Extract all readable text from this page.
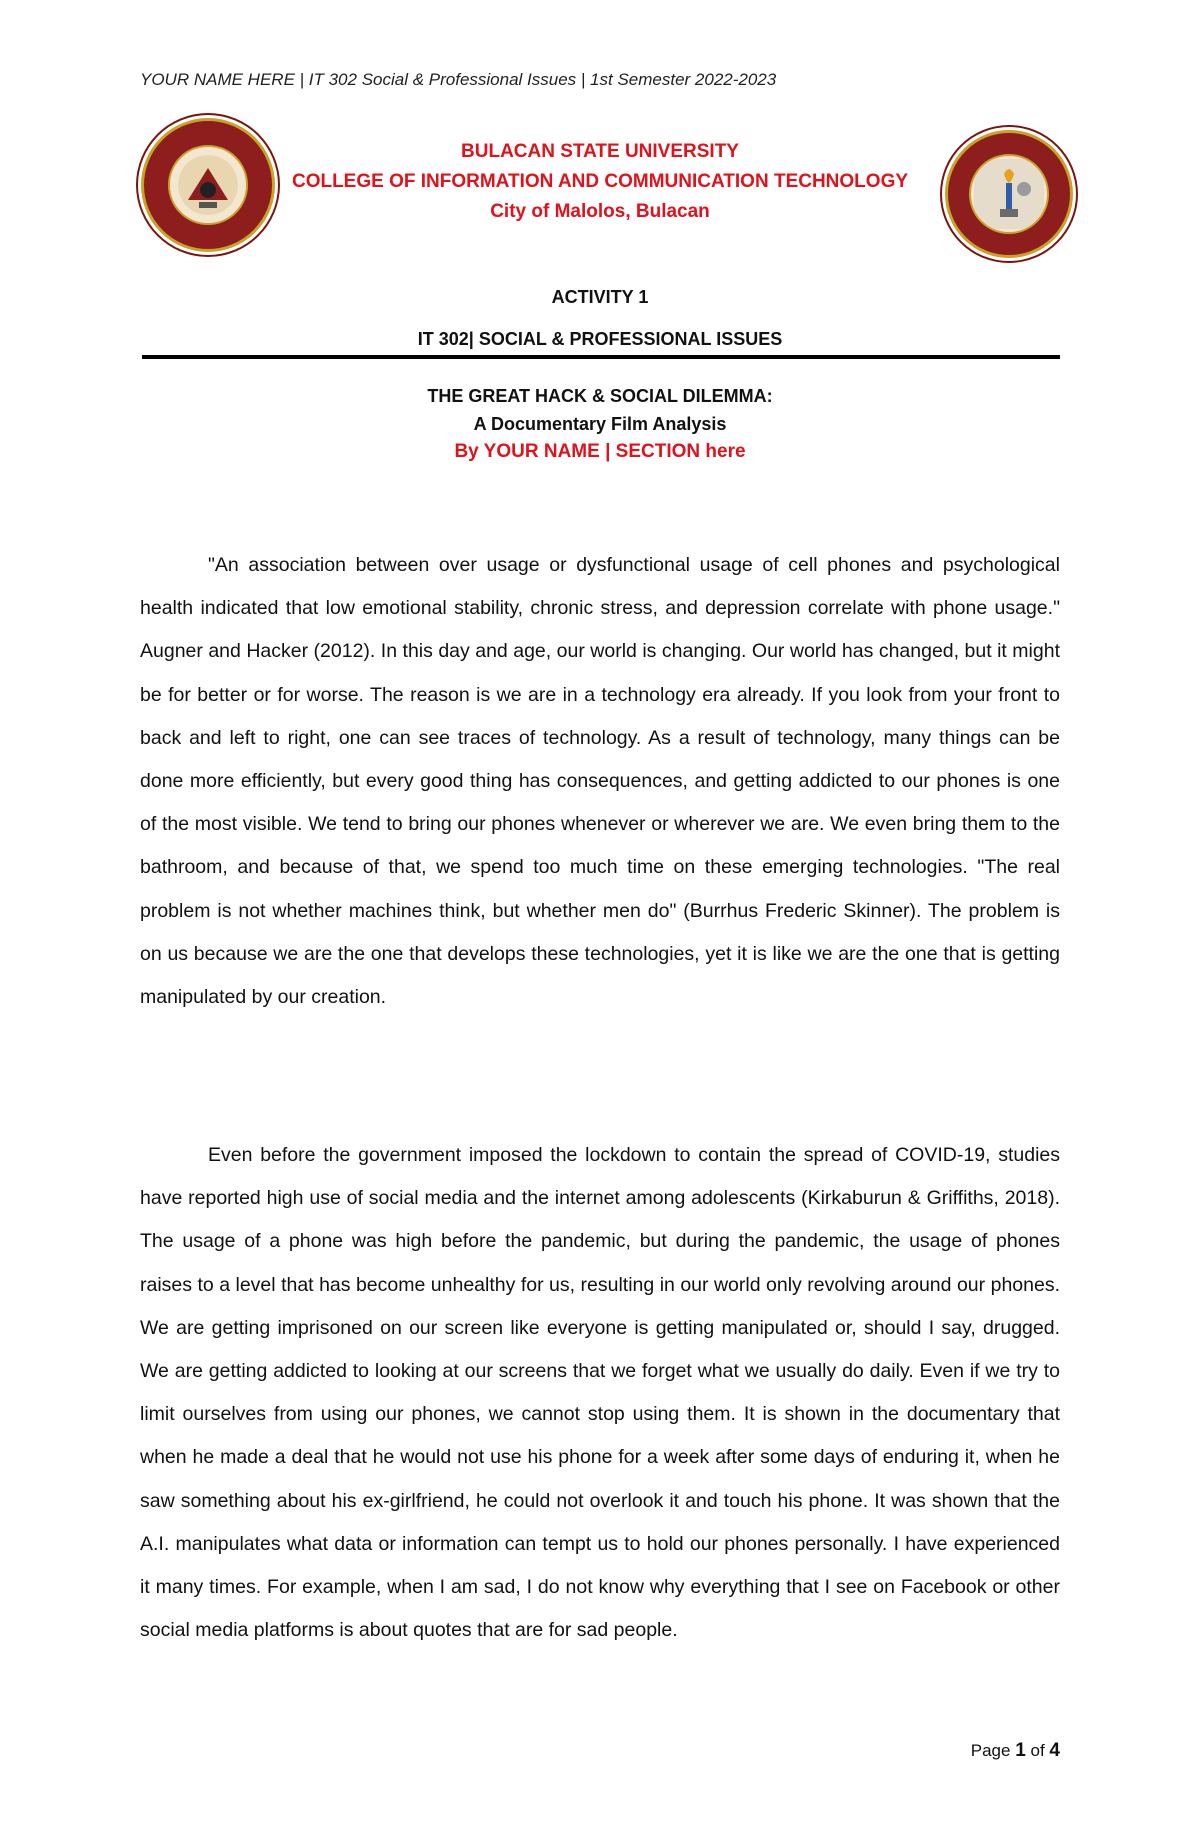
YOUR NAME HERE | IT 302 Social & Professional Issues | 1st Semester 2022-2023
BULACAN STATE UNIVERSITY
COLLEGE OF INFORMATION AND COMMUNICATION TECHNOLOGY
City of Malolos, Bulacan
ACTIVITY 1
IT 302| SOCIAL & PROFESSIONAL ISSUES
THE GREAT HACK & SOCIAL DILEMMA:
A Documentary Film Analysis
By YOUR NAME | SECTION here

"An association between over usage or dysfunctional usage of cell phones and psychological health indicated that low emotional stability, chronic stress, and depression correlate with phone usage." Augner and Hacker (2012). In this day and age, our world is changing. Our world has changed, but it might be for better or for worse. The reason is we are in a technology era already. If you look from your front to back and left to right, one can see traces of technology. As a result of technology, many things can be done more efficiently, but every good thing has consequences, and getting addicted to our phones is one of the most visible. We tend to bring our phones whenever or wherever we are. We even bring them to the bathroom, and because of that, we spend too much time on these emerging technologies. "The real problem is not whether machines think, but whether men do" (Burrhus Frederic Skinner). The problem is on us because we are the one that develops these technologies, yet it is like we are the one that is getting manipulated by our creation.

Even before the government imposed the lockdown to contain the spread of COVID-19, studies have reported high use of social media and the internet among adolescents (Kirkaburun & Griffiths, 2018). The usage of a phone was high before the pandemic, but during the pandemic, the usage of phones raises to a level that has become unhealthy for us, resulting in our world only revolving around our phones. We are getting imprisoned on our screen like everyone is getting manipulated or, should I say, drugged. We are getting addicted to looking at our screens that we forget what we usually do daily. Even if we try to limit ourselves from using our phones, we cannot stop using them. It is shown in the documentary that when he made a deal that he would not use his phone for a week after some days of enduring it, when he saw something about his ex-girlfriend, he could not overlook it and touch his phone. It was shown that the A.I. manipulates what data or information can tempt us to hold our phones personally. I have experienced it many times. For example, when I am sad, I do not know why everything that I see on Facebook or other social media platforms is about quotes that are for sad people.

Page 1 of 4
